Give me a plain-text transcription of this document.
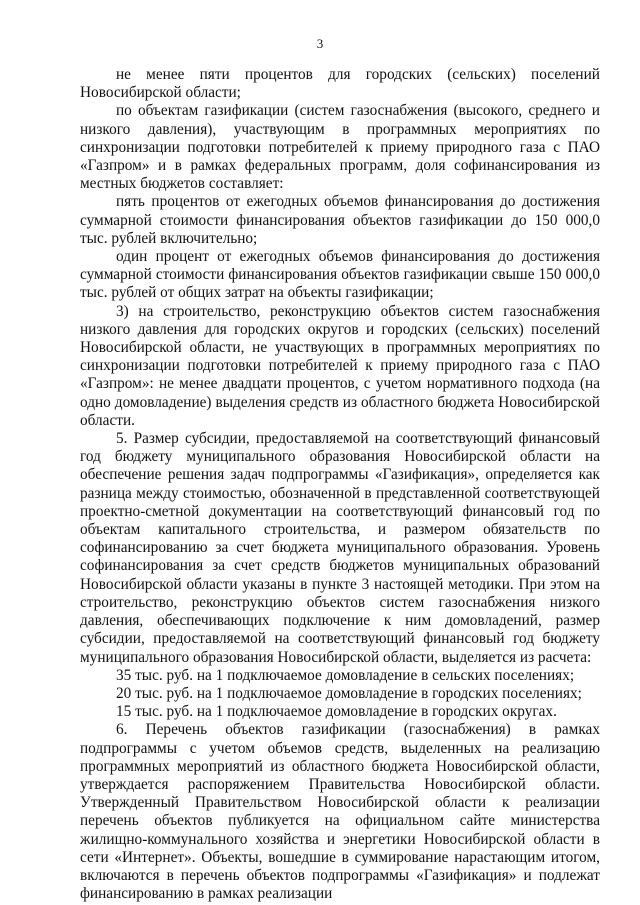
3

не менее пяти процентов для городских (сельских) поселений Новосибирской области;

по объектам газификации (систем газоснабжения (высокого, среднего и низкого давления), участвующим в программных мероприятиях по синхронизации подготовки потребителей к приему природного газа с ПАО «Газпром» и в рамках федеральных программ, доля софинансирования из местных бюджетов составляет:

пять процентов от ежегодных объемов финансирования до достижения суммарной стоимости финансирования объектов газификации до 150 000,0 тыс. рублей включительно;

один процент от ежегодных объемов финансирования до достижения суммарной стоимости финансирования объектов газификации свыше 150 000,0 тыс. рублей от общих затрат на объекты газификации;

3) на строительство, реконструкцию объектов систем газоснабжения низкого давления для городских округов и городских (сельских) поселений Новосибирской области, не участвующих в программных мероприятиях по синхронизации подготовки потребителей к приему природного газа с ПАО «Газпром»: не менее двадцати процентов, с учетом нормативного подхода (на одно домовладение) выделения средств из областного бюджета Новосибирской области.

5. Размер субсидии, предоставляемой на соответствующий финансовый год бюджету муниципального образования Новосибирской области на обеспечение решения задач подпрограммы «Газификация», определяется как разница между стоимостью, обозначенной в представленной соответствующей проектно-сметной документации на соответствующий финансовый год по объектам капитального строительства, и размером обязательств по софинансированию за счет бюджета муниципального образования. Уровень софинансирования за счет средств бюджетов муниципальных образований Новосибирской области указаны в пункте 3 настоящей методики. При этом на строительство, реконструкцию объектов систем газоснабжения низкого давления, обеспечивающих подключение к ним домовладений, размер субсидии, предоставляемой на соответствующий финансовый год бюджету муниципального образования Новосибирской области, выделяется из расчета:

35 тыс. руб. на 1 подключаемое домовладение в сельских поселениях;

20 тыс. руб. на 1 подключаемое домовладение в городских поселениях;

15 тыс. руб. на 1 подключаемое домовладение в городских округах.

6. Перечень объектов газификации (газоснабжения) в рамках подпрограммы с учетом объемов средств, выделенных на реализацию программных мероприятий из областного бюджета Новосибирской области, утверждается распоряжением Правительства Новосибирской области. Утвержденный Правительством Новосибирской области к реализации перечень объектов публикуется на официальном сайте министерства жилищно-коммунального хозяйства и энергетики Новосибирской области в сети «Интернет». Объекты, вошедшие в суммирование нарастающим итогом, включаются в перечень объектов подпрограммы «Газификация» и подлежат финансированию в рамках реализации
